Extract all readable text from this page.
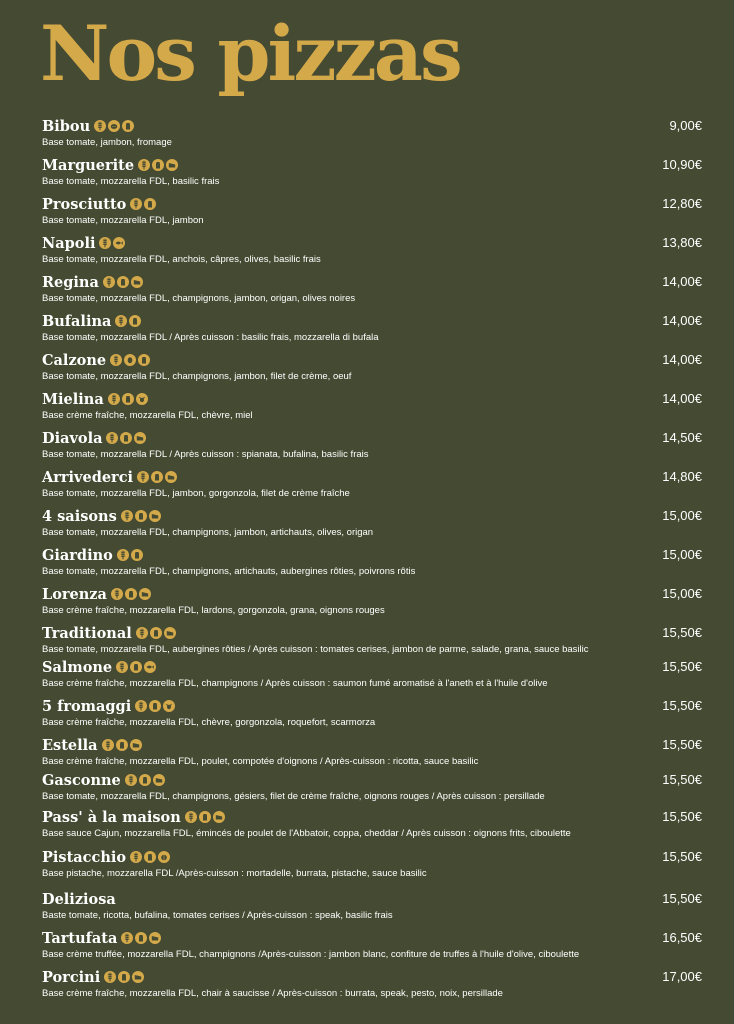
Nos pizzas
Bibou
Base tomate, jambon, fromage
9,00€
Marguerite
Base tomate, mozzarella FDL, basilic frais
10,90€
Prosciutto
Base tomate, mozzarella FDL, jambon
12,80€
Napoli
Base tomate, mozzarella FDL, anchois, câpres, olives, basilic frais
13,80€
Regina
Base tomate, mozzarella FDL, champignons, jambon, origan, olives noires
14,00€
Bufalina
Base tomate, mozzarella FDL / Après cuisson : basilic frais, mozzarella di bufala
14,00€
Calzone
Base tomate, mozzarella FDL, champignons, jambon, filet de crème, oeuf
14,00€
Mielina
Base crème fraîche, mozzarella FDL, chèvre, miel
14,00€
Diavola
Base tomate, mozzarella FDL / Après cuisson : spianata, bufalina, basilic frais
14,50€
Arrivederci
Base tomate, mozzarella FDL, jambon, gorgonzola, filet de crème fraîche
14,80€
4 saisons
Base tomate, mozzarella FDL, champignons, jambon, artichauts, olives, origan
15,00€
Giardino
Base tomate, mozzarella FDL, champignons, artichauts, aubergines rôties, poivrons rôtis
15,00€
Lorenza
Base crème fraîche, mozzarella FDL, lardons, gorgonzola, grana, oignons rouges
15,00€
Traditional
Base tomate, mozzarella FDL, aubergines rôties / Après cuisson : tomates cerises, jambon de parme, salade, grana, sauce basilic
15,50€
Salmone
Base crème fraîche, mozzarella FDL, champignons / Après cuisson : saumon fumé aromatisé à l'aneth et à l'huile d'olive
15,50€
5 fromaggi
Base crème fraîche, mozzarella FDL, chèvre, gorgonzola, roquefort, scarmorza
15,50€
Estella
Base crème fraîche, mozzarella FDL, poulet, compotée d'oignons / Après-cuisson : ricotta, sauce basilic
15,50€
Gasconne
Base tomate, mozzarella FDL, champignons, gésiers, filet de crème fraîche, oignons rouges / Après cuisson : persillade
15,50€
Pass' à la maison
Base sauce Cajun, mozzarella FDL, émincés de poulet de l'Abbatoir, coppa, cheddar / Après cuisson : oignons frits, ciboulette
15,50€
Pistacchio
Base pistache, mozzarella FDL /Après-cuisson : mortadelle, burrata, pistache, sauce basilic
15,50€
Deliziosa
Baste tomate, ricotta, bufalina, tomates cerises / Après-cuisson : speak, basilic frais
15,50€
Tartufata
Base crème truffée, mozzarella FDL, champignons /Après-cuisson : jambon blanc, confiture de truffes à l'huile d'olive, ciboulette
16,50€
Porcini
Base crème fraîche, mozzarella FDL, chair à saucisse / Après-cuisson : burrata, speak, pesto, noix, persillade
17,00€
